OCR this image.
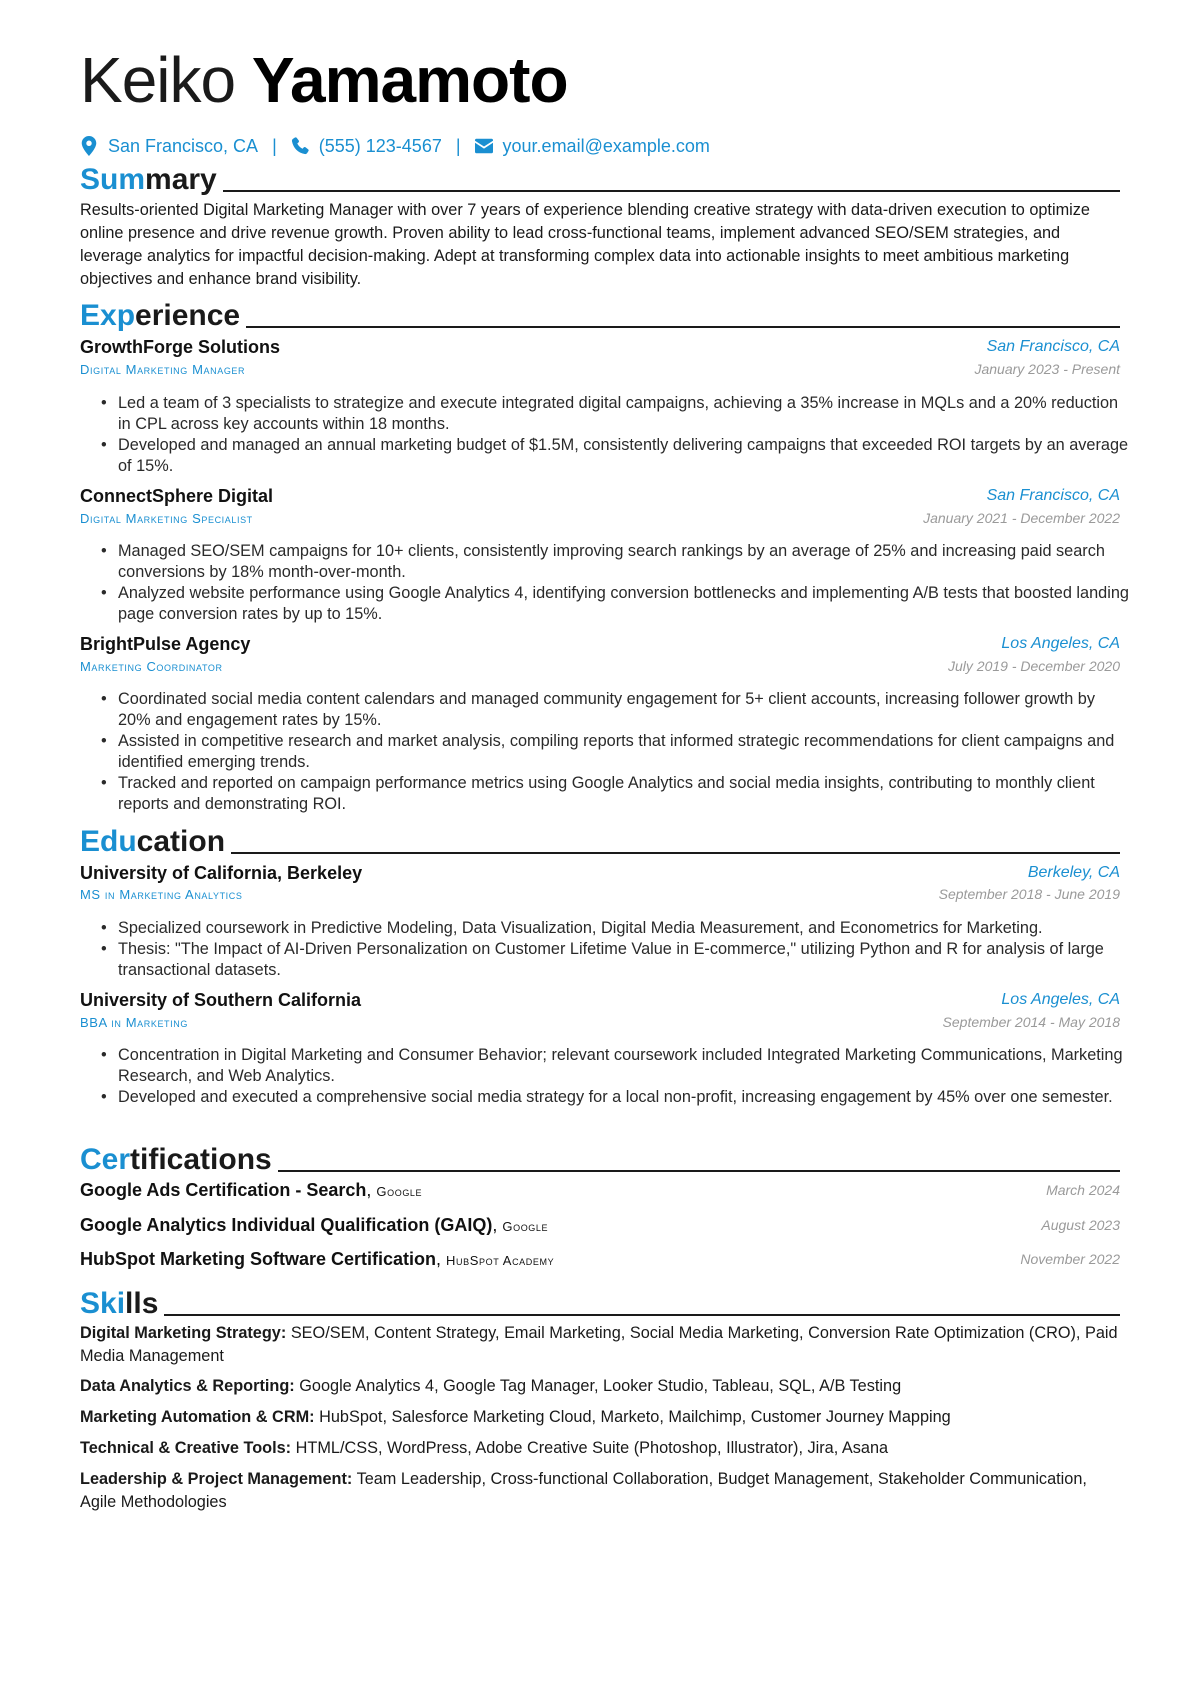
Keiko Yamamoto
San Francisco, CA | (555) 123-4567 | your.email@example.com
Summary
Results-oriented Digital Marketing Manager with over 7 years of experience blending creative strategy with data-driven execution to optimize online presence and drive revenue growth. Proven ability to lead cross-functional teams, implement advanced SEO/SEM strategies, and leverage analytics for impactful decision-making. Adept at transforming complex data into actionable insights to meet ambitious marketing objectives and enhance brand visibility.
Experience
GrowthForge Solutions	San Francisco, CA
Digital Marketing Manager	January 2023 - Present
• Led a team of 3 specialists to strategize and execute integrated digital campaigns, achieving a 35% increase in MQLs and a 20% reduction in CPL across key accounts within 18 months.
• Developed and managed an annual marketing budget of $1.5M, consistently delivering campaigns that exceeded ROI targets by an average of 15%.
ConnectSphere Digital	San Francisco, CA
Digital Marketing Specialist	January 2021 - December 2022
• Managed SEO/SEM campaigns for 10+ clients, consistently improving search rankings by an average of 25% and increasing paid search conversions by 18% month-over-month.
• Analyzed website performance using Google Analytics 4, identifying conversion bottlenecks and implementing A/B tests that boosted landing page conversion rates by up to 15%.
BrightPulse Agency	Los Angeles, CA
Marketing Coordinator	July 2019 - December 2020
• Coordinated social media content calendars and managed community engagement for 5+ client accounts, increasing follower growth by 20% and engagement rates by 15%.
• Assisted in competitive research and market analysis, compiling reports that informed strategic recommendations for client campaigns and identified emerging trends.
• Tracked and reported on campaign performance metrics using Google Analytics and social media insights, contributing to monthly client reports and demonstrating ROI.
Education
University of California, Berkeley	Berkeley, CA
MS in Marketing Analytics	September 2018 - June 2019
• Specialized coursework in Predictive Modeling, Data Visualization, Digital Media Measurement, and Econometrics for Marketing.
• Thesis: "The Impact of AI-Driven Personalization on Customer Lifetime Value in E-commerce," utilizing Python and R for analysis of large transactional datasets.
University of Southern California	Los Angeles, CA
BBA in Marketing	September 2014 - May 2018
• Concentration in Digital Marketing and Consumer Behavior; relevant coursework included Integrated Marketing Communications, Marketing Research, and Web Analytics.
• Developed and executed a comprehensive social media strategy for a local non-profit, increasing engagement by 45% over one semester.
Certifications
Google Ads Certification - Search, Google	March 2024
Google Analytics Individual Qualification (GAIQ), Google	August 2023
HubSpot Marketing Software Certification, HubSpot Academy	November 2022
Skills
Digital Marketing Strategy: SEO/SEM, Content Strategy, Email Marketing, Social Media Marketing, Conversion Rate Optimization (CRO), Paid Media Management
Data Analytics & Reporting: Google Analytics 4, Google Tag Manager, Looker Studio, Tableau, SQL, A/B Testing
Marketing Automation & CRM: HubSpot, Salesforce Marketing Cloud, Marketo, Mailchimp, Customer Journey Mapping
Technical & Creative Tools: HTML/CSS, WordPress, Adobe Creative Suite (Photoshop, Illustrator), Jira, Asana
Leadership & Project Management: Team Leadership, Cross-functional Collaboration, Budget Management, Stakeholder Communication, Agile Methodologies
